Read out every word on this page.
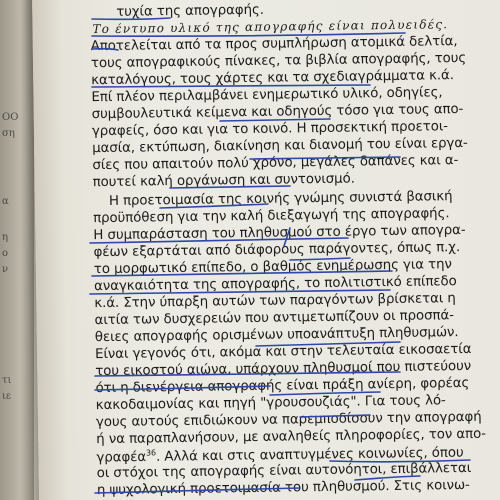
ΟΟ
ση
α
η
ο
ν
τι
ιε
τυχία της απογραφής.
Το έντυπο υλικό της απογραφής είναι πολυειδές.
Αποτελείται από τα προς συμπλήρωση ατομικά δελτία,
τους απογραφικούς πίνακες, τα βιβλία απογραφής, τους
καταλόγους, τους χάρτες και τα σχεδιαγράμματα κ.ά.
Επί πλέον περιλαμβάνει ενημερωτικό υλικό, οδηγίες,
συμβουλευτικά κείμενα και οδηγούς τόσο για τους απο-
γραφείς, όσο και για το κοινό. Η προσεκτική προετοι-
μασία, εκτύπωση, διακίνηση και διανομή του είναι εργα-
σίες που απαιτούν πολύ χρόνο, μεγάλες δαπάνες και α-
πουτεί καλή οργάνωση και συντονισμό.
Η προετοιμασία της κοινής γνώμης συνιστά βασική
προϋπόθεση για την καλή διεξαγωγή της απογραφής.
Η συμπαράσταση του πληθυσμού στο έργο των απογρα-
φέων εξαρτάται από διάφορους παράγοντες, όπως π.χ.
το μορφωτικό επίπεδο, ο βαθμός ενημέρωσης για την
αναγκαιότητα της απογραφής, το πολιτιστικό επίπεδο
κ.ά. Στην ύπαρξη αυτών των παραγόντων βρίσκεται η
αιτία των δυσχερειών που αντιμετωπίζουν οι προσπά-
θειες απογραφής ορισμένων υποανάπτυξη πληθυσμών.
Είναι γεγονός ότι, ακόμα και στην τελευταία εικοσαετία
του εικοστού αιώνα, υπάρχουν πληθυσμοί που πιστεύουν
ότι η διενέργεια απογραφής είναι πράξη ανίερη, φορέας
κακοδαιμονίας και πηγή "γρουσουζιάς". Για τους λό-
γους αυτούς επιδιώκουν να παρεμποδίσουν την απογραφή
ή να παραπλανήσουν, με αναληθείς πληροφορίες, τον απο-
γραφέα$^{36}$. Αλλά και στις αναπτυγμένες κοινωνίες, όπου
οι στόχοι της απογραφής είναι αυτονόητοι, επιβάλλεται
η ψυχολογική προετοιμασία του πληθυσμού. Στις κοινω-
